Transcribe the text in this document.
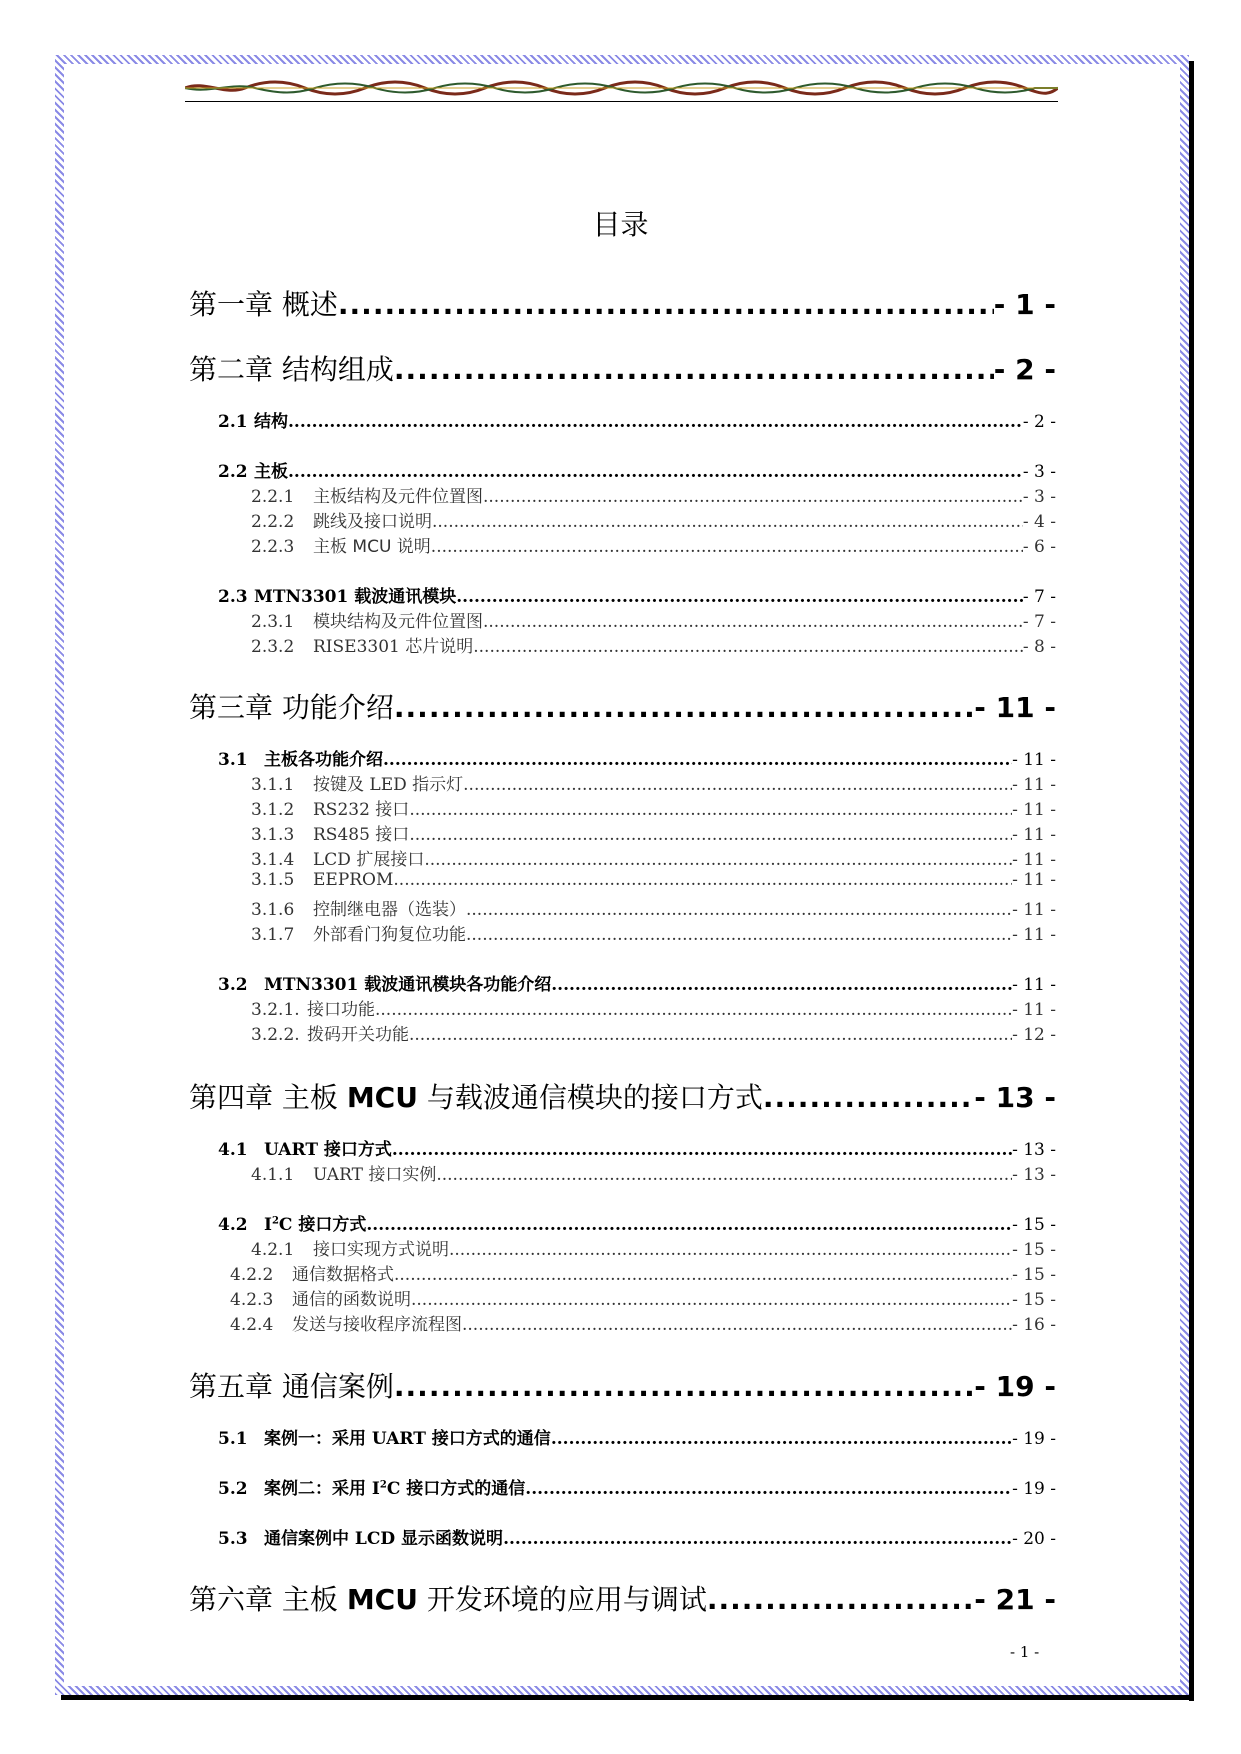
目录
第一章 概述 .....	- 1 -
第二章 结构组成 .....	- 2 -
2.1 结构 .....	- 2 -
2.2 主板 .....	- 3 -
2.2.1 主板结构及元件位置图 .....	- 3 -
2.2.2 跳线及接口说明 .....	- 4 -
2.2.3 主板 MCU 说明 .....	- 6 -
2.3 MTN3301 载波通讯模块 .....	- 7 -
2.3.1 模块结构及元件位置图 .....	- 7 -
2.3.2 RISE3301 芯片说明 .....	- 8 -
第三章 功能介绍 .....	- 11 -
3.1 主板各功能介绍 .....	- 11 -
3.1.1 按键及 LED 指示灯 .....	- 11 -
3.1.2 RS232 接口 .....	- 11 -
3.1.3 RS485 接口 .....	- 11 -
3.1.4 LCD 扩展接口 .....	- 11 -
3.1.5 EEPROM .....	- 11 -
3.1.6 控制继电器（选装） .....	- 11 -
3.1.7 外部看门狗复位功能 .....	- 11 -
3.2 MTN3301 载波通讯模块各功能介绍 .....	- 11 -
3.2.1. 接口功能 .....	- 11 -
3.2.2. 拨码开关功能 .....	- 12 -
第四章 主板 MCU 与载波通信模块的接口方式 .....	- 13 -
4.1 UART 接口方式 .....	- 13 -
4.1.1 UART 接口实例 .....	- 13 -
4.2 $I^2C$ 接口方式 .....	- 15 -
4.2.1 接口实现方式说明 .....	- 15 -
4.2.2 通信数据格式 .....	- 15 -
4.2.3 通信的函数说明 .....	- 15 -
4.2.4 发送与接收程序流程图 .....	- 16 -
第五章 通信案例 .....	- 19 -
5.1 案例一：采用 UART 接口方式的通信 .....	- 19 -
5.2 案例二：采用 $I^2C$ 接口方式的通信 .....	- 19 -
5.3 通信案例中 LCD 显示函数说明 .....	- 20 -
第六章 主板 MCU 开发环境的应用与调试 .....	- 21 -
- 1 -
